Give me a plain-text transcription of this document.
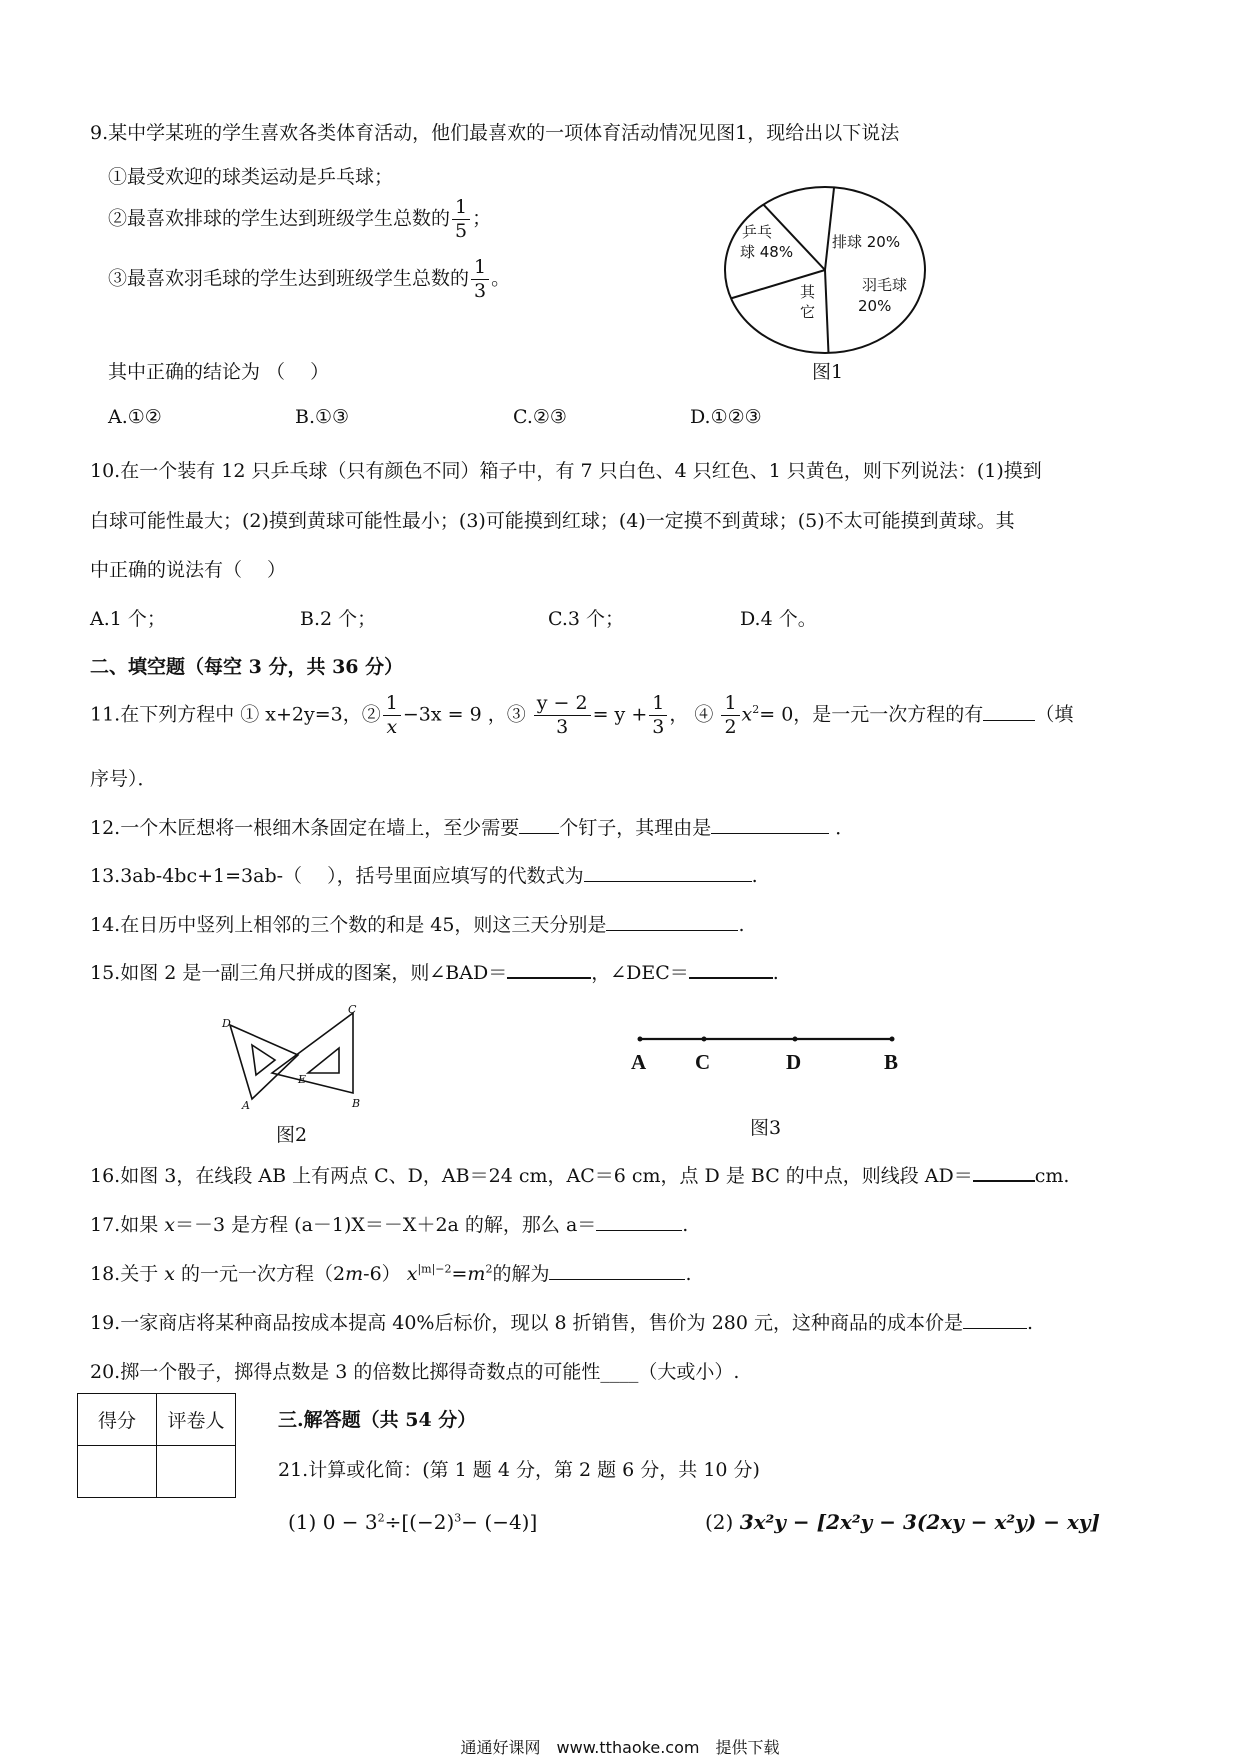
9.某中学某班的学生喜欢各类体育活动，他们最喜欢的一项体育活动情况见图1，现给出以下说法
①最受欢迎的球类运动是乒乓球；
②最喜欢排球的学生达到班级学生总数的 $\frac{1}{5}$ ；
③最喜欢羽毛球的学生达到班级学生总数的 $\frac{1}{3}$ 。
其中正确的结论为 （　 ）
A.①②	B.①③	C.②③	D.①②③
乒乓
球 48%
排球 20%
羽毛球
20%
其
它
图1
10.在一个装有 12 只乒乓球（只有颜色不同）箱子中，有 7 只白色、4 只红色、1 只黄色，则下列说法：(1)摸到
白球可能性最大；(2)摸到黄球可能性最小；(3)可能摸到红球；(4)一定摸不到黄球；(5)不太可能摸到黄球。其
中正确的说法有（　 ）
A.1 个；	B.2 个；	C.3 个；	D.4 个。
二、填空题（每空 3 分，共 36 分）
11.在下列方程中 ① x+2y=3，② $\frac{1}{x} -3x = 9$ ，③ $\frac{y - 2}{3} = y + \frac{1}{3}$ ， ④ $\frac{1}{2} x^2= 0$，是一元一次方程的有	（填
序号）．
12.一个木匠想将一根细木条固定在墙上，至少需要 个钉子，其理由是	．
13.3ab-4bc+1=3ab-（　 ），括号里面应填写的代数式为	.
14.在日历中竖列上相邻的三个数的和是 45，则这三天分别是	.
15.如图 2 是一副三角尺拼成的图案，则∠BAD＝	，∠DEC＝	.
D
C
E
A	B
图2
A C	D	B
图3
16.如图 3，在线段 AB 上有两点 C、D，AB＝24 cm，AC＝6 cm，点 D 是 BC 的中点，则线段 AD＝	cm.
17.如果 x＝－3 是方程 (a－1)X＝－X＋2a 的解，那么 a＝	.
18.关于 x 的一元一次方程（2m-6） $x^{|m|-2}=m^2$的解为	.
19.一家商店将某种商品按成本提高 40%后标价，现以 8 折销售，售价为 280 元，这种商品的成本价是	.
20.掷一个骰子，掷得点数是 3 的倍数比掷得奇数点的可能性____（大或小）.
得分	评卷人
		三.解答题（共 54 分）
21.计算或化简：(第 1 题 4 分，第 2 题 6 分，共 10 分)
(1) $0 - 3^2\div[(-2)^3- (-4)]$	(2) 3x²y − [2x²y − 3(2xy − x²y) − xy]
通通好课网　www.tthaoke.com　提供下载
